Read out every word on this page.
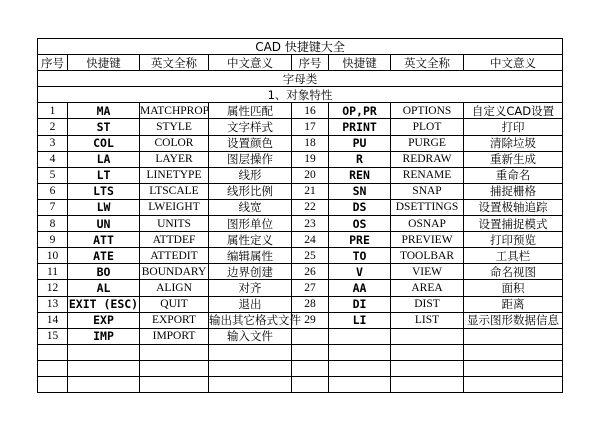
CAD 快捷键大全							
序号	快捷键	英文全称	中文意义	序号	快捷键	英文全称	中文意义
字母类							
1、对象特性							
1	MA	MATCHPROP	属性匹配	16	OP,PR	OPTIONS	自定义CAD设置
2	ST	STYLE	文字样式	17	PRINT	PLOT	打印
3	COL	COLOR	设置颜色	18	PU	PURGE	清除垃圾
4	LA	LAYER	图层操作	19	R	REDRAW	重新生成
5	LT	LINETYPE	线形	20	REN	RENAME	重命名
6	LTS	LTSCALE	线形比例	21	SN	SNAP	捕捉栅格
7	LW	LWEIGHT	线宽	22	DS	DSETTINGS	设置极轴追踪
8	UN	UNITS	图形单位	23	OS	OSNAP	设置捕捉模式
9	ATT	ATTDEF	属性定义	24	PRE	PREVIEW	打印预览
10	ATE	ATTEDIT	编辑属性	25	TO	TOOLBAR	工具栏
11	BO	BOUNDARY	边界创建	26	V	VIEW	命名视图
12	AL	ALIGN	对齐	27	AA	AREA	面积
13	EXIT (ESC)	QUIT	退出	28	DI	DIST	距离
14	EXP	EXPORT	输出其它格式文件	29	LI	LIST	显示图形数据信息
15	IMP	IMPORT	输入文件				
